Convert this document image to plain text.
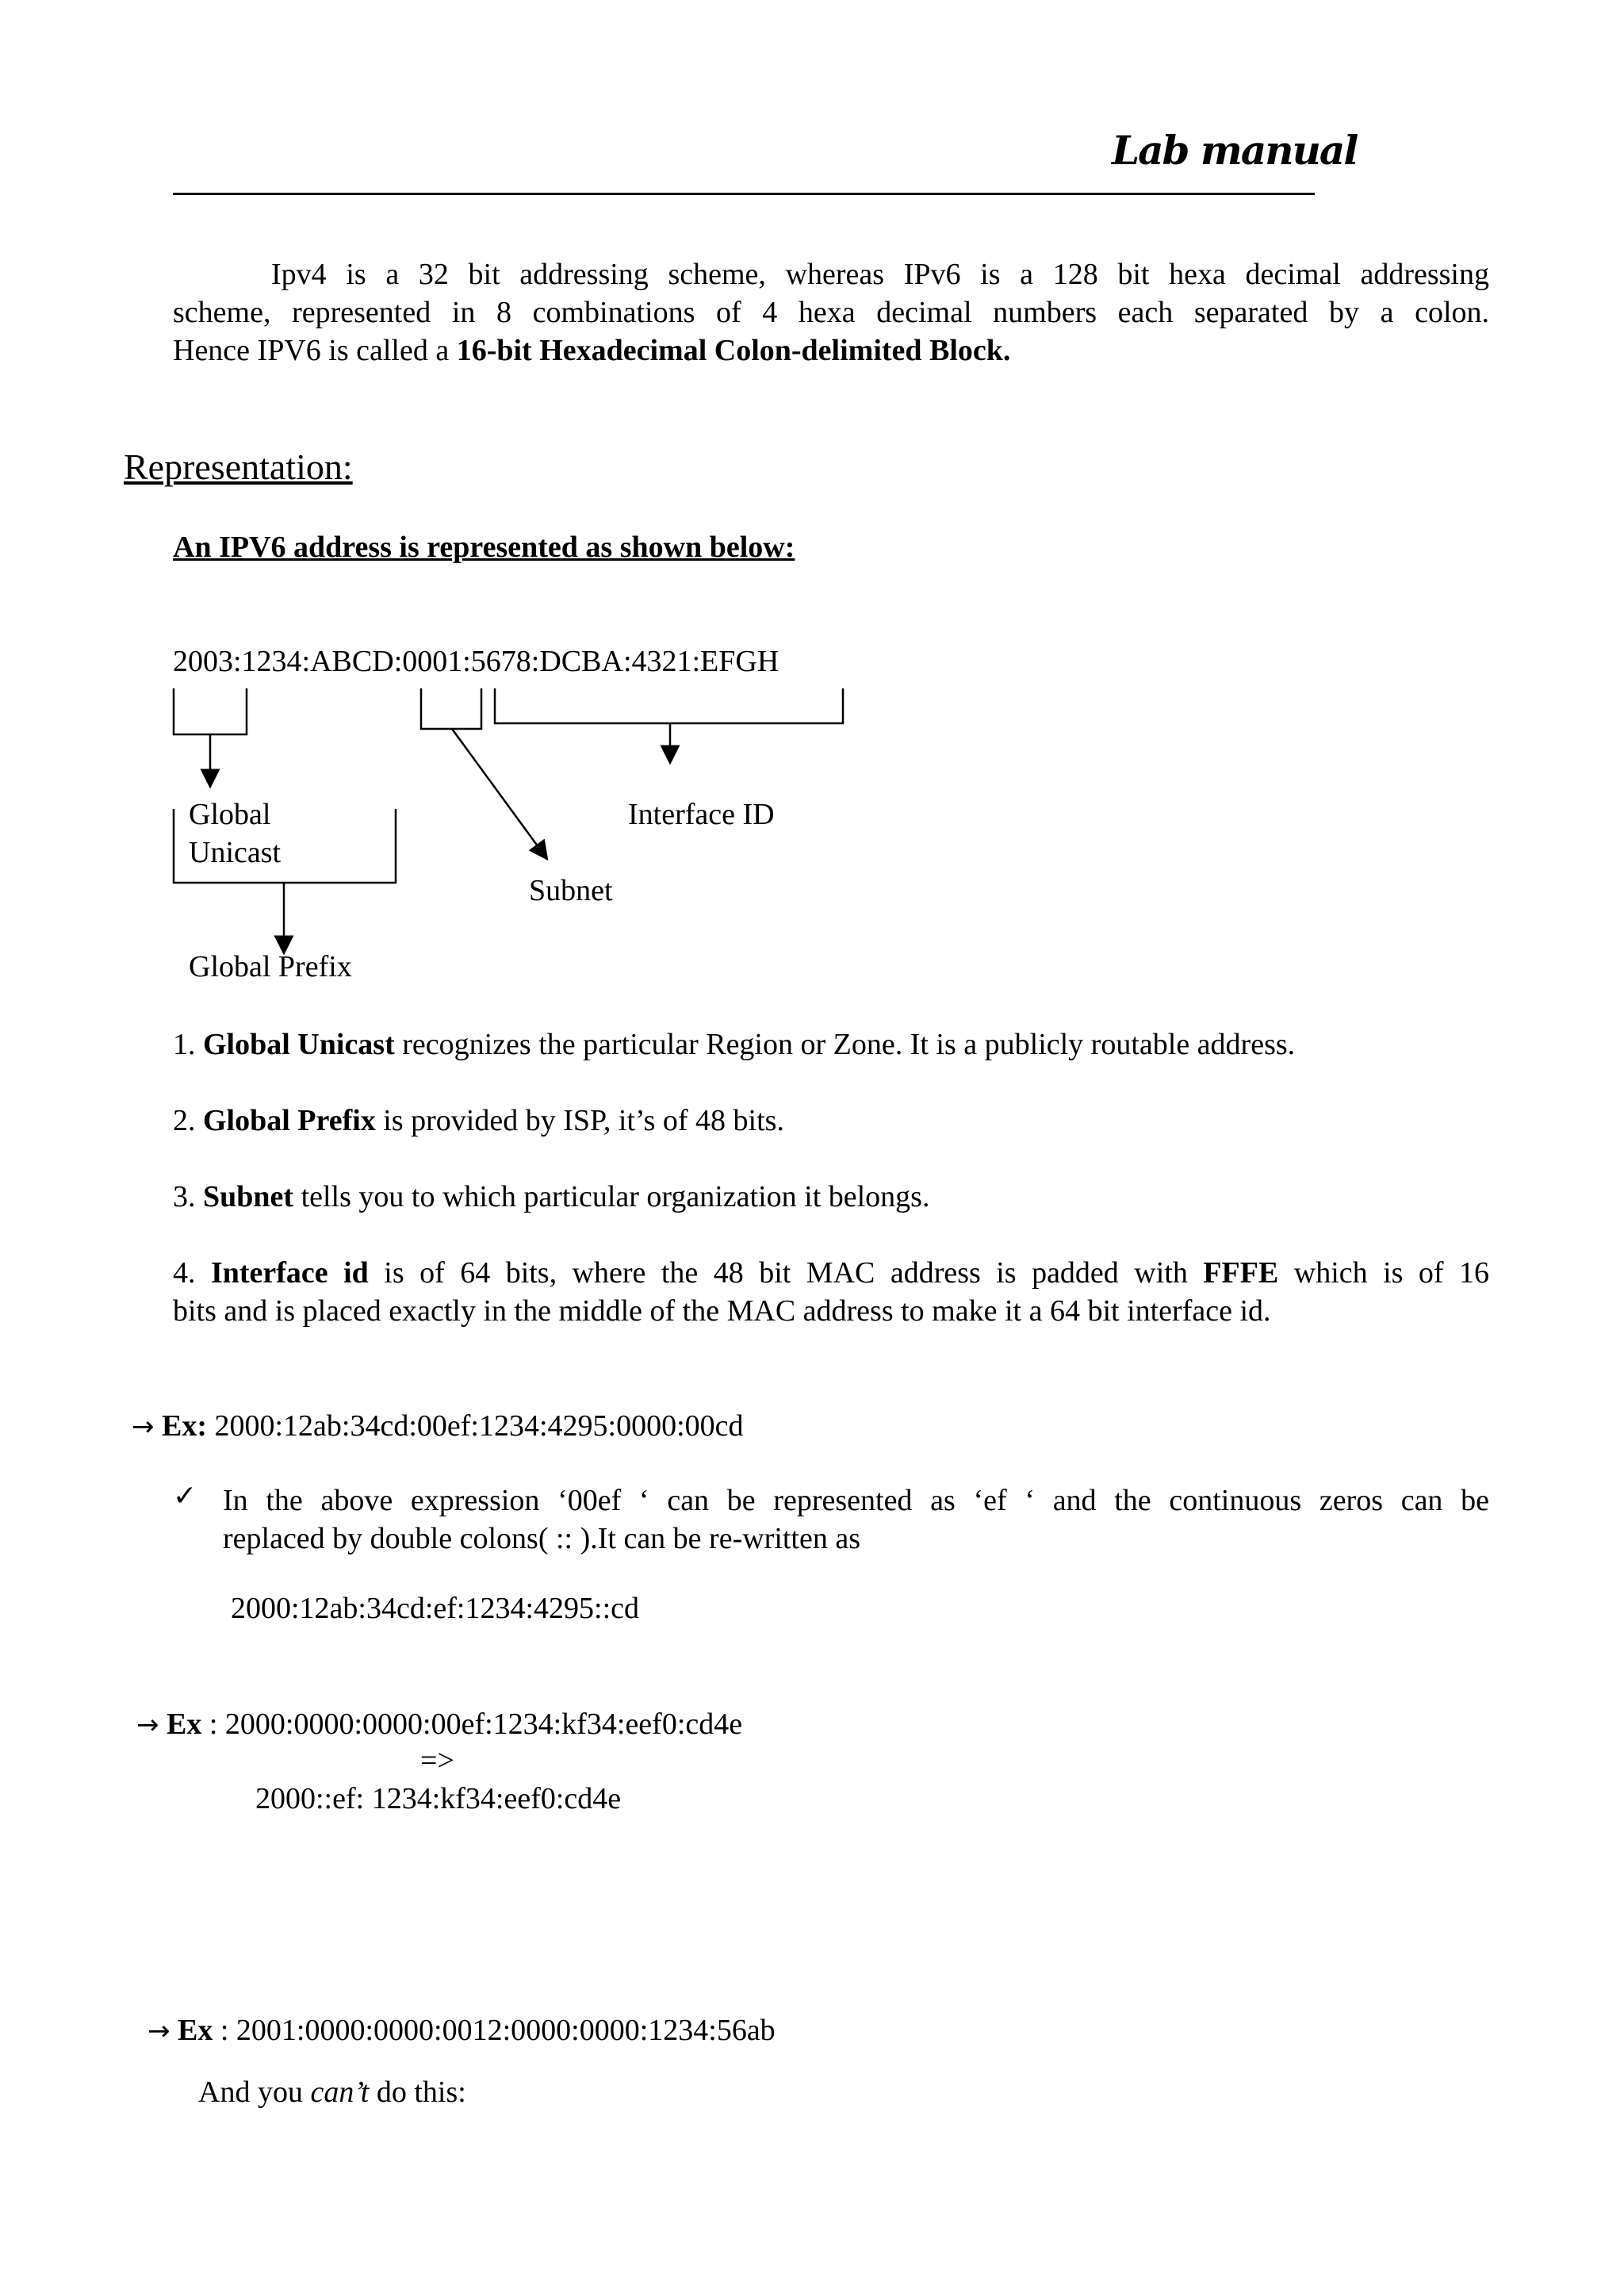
Lab manual
Ipv4 is a 32 bit addressing scheme, whereas IPv6 is a 128 bit hexa decimal addressing
scheme, represented in 8 combinations of 4 hexa decimal numbers each separated by a colon.
Hence IPV6 is called a 16-bit Hexadecimal Colon-delimited Block.
Representation:
An IPV6 address is represented as shown below:
2003:1234:ABCD:0001:5678:DCBA:4321:EFGH
Global
Unicast
Interface ID
Subnet
Global Prefix
1. Global Unicast recognizes the particular Region or Zone. It is a publicly routable address.
2. Global Prefix is provided by ISP, it’s of 48 bits.
3. Subnet tells you to which particular organization it belongs.
4. Interface id is of 64 bits, where the 48 bit MAC address is padded with FFFE which is of 16
bits and is placed exactly in the middle of the MAC address to make it a 64 bit interface id.
→ Ex: 2000:12ab:34cd:00ef:1234:4295:0000:00cd
✓ In the above expression ‘00ef ‘ can be represented as ‘ef ‘ and the continuous zeros can be
replaced by double colons( :: ).It can be re-written as
2000:12ab:34cd:ef:1234:4295::cd
→ Ex : 2000:0000:0000:00ef:1234:kf34:eef0:cd4e
=>
2000::ef: 1234:kf34:eef0:cd4e
→ Ex : 2001:0000:0000:0012:0000:0000:1234:56ab
And you can’t do this:
